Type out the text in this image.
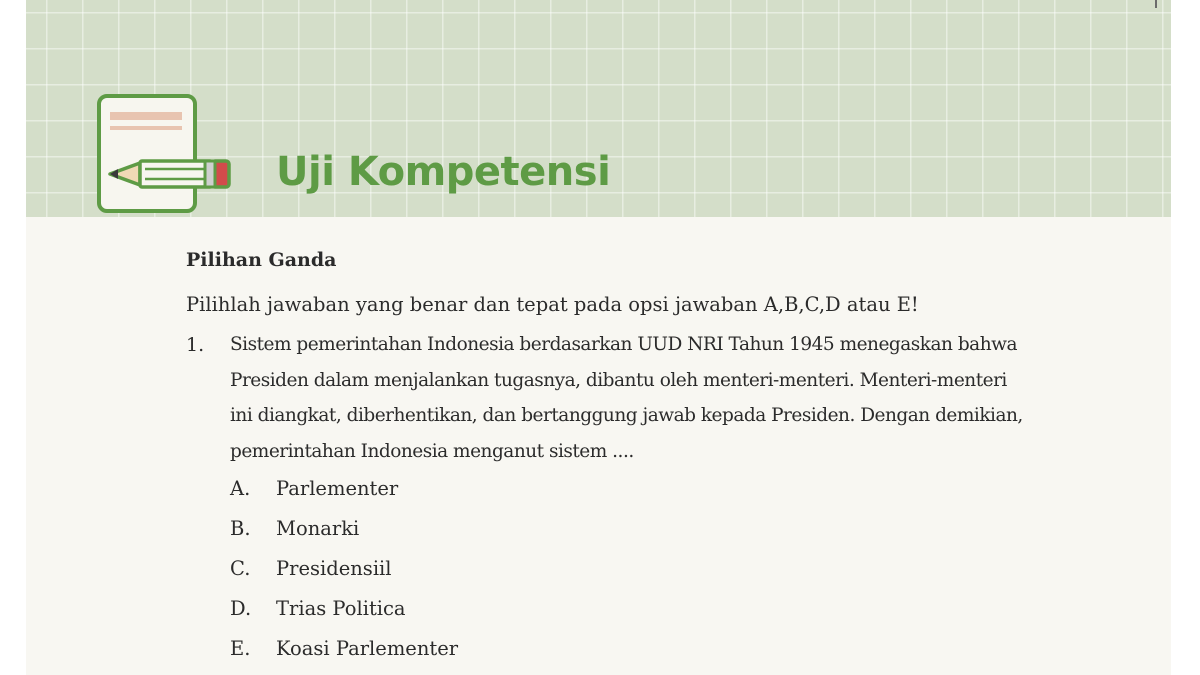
Uji Kompetensi

Pilihan Ganda

Pilihlah jawaban yang benar dan tepat pada opsi jawaban A,B,C,D atau E!

1. Sistem pemerintahan Indonesia berdasarkan UUD NRI Tahun 1945 menegaskan bahwa Presiden dalam menjalankan tugasnya, dibantu oleh menteri-menteri. Menteri-menteri ini diangkat, diberhentikan, dan bertanggung jawab kepada Presiden. Dengan demikian, pemerintahan Indonesia menganut sistem ....
A.	Parlementer
B.	Monarki
C.	Presidensiil
D.	Trias Politica
E.	Koasi Parlementer
